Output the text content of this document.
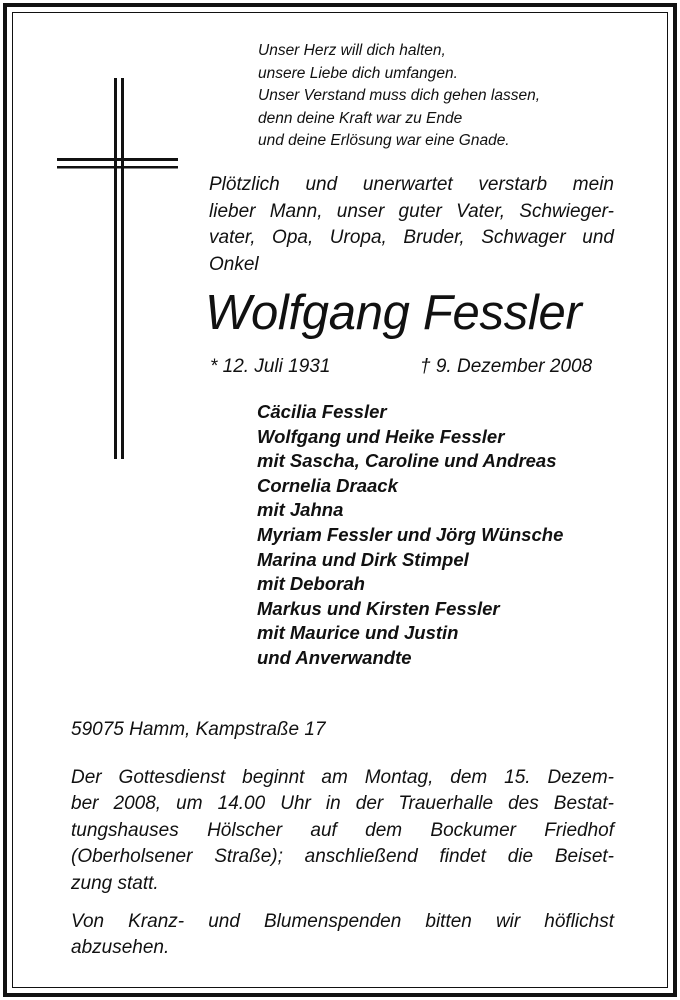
Unser Herz will dich halten,
unsere Liebe dich umfangen.
Unser Verstand muss dich gehen lassen,
denn deine Kraft war zu Ende
und deine Erlösung war eine Gnade.
Plötzlich und unerwartet verstarb mein
lieber Mann, unser guter Vater, Schwieger-
vater, Opa, Uropa, Bruder, Schwager und
Onkel
Wolfgang Fessler
* 12. Juli 1931	† 9. Dezember 2008
Cäcilia Fessler
Wolfgang und Heike Fessler
mit Sascha, Caroline und Andreas
Cornelia Draack
mit Jahna
Myriam Fessler und Jörg Wünsche
Marina und Dirk Stimpel
mit Deborah
Markus und Kirsten Fessler
mit Maurice und Justin
und Anverwandte
59075 Hamm, Kampstraße 17
Der Gottesdienst beginnt am Montag, dem 15. Dezem-
ber 2008, um 14.00 Uhr in der Trauerhalle des Bestat-
tungshauses Hölscher auf dem Bockumer Friedhof
(Oberholsener Straße); anschließend findet die Beiset-
zung statt.
Von Kranz- und Blumenspenden bitten wir höflichst
abzusehen.
